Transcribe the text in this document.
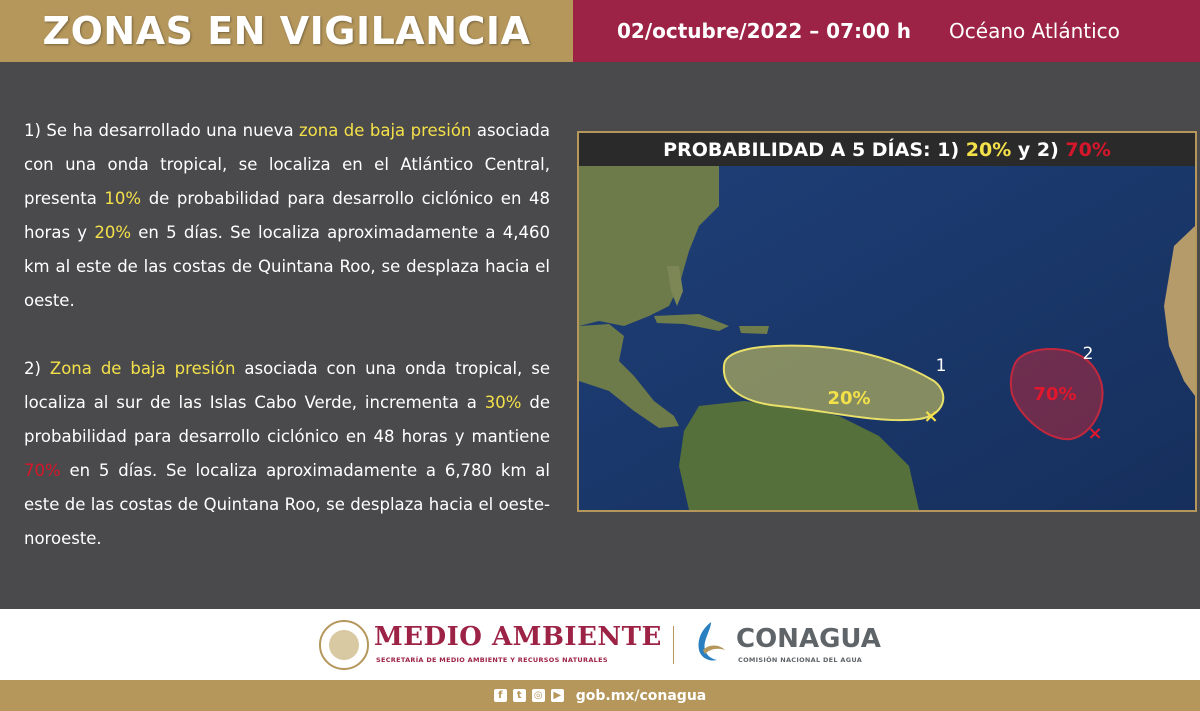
ZONAS EN VIGILANCIA	02/octubre/2022 – 07:00 h Océano Atlántico

1) Se ha desarrollado una nueva zona de baja presión asociada con una onda tropical, se localiza en el Atlántico Central, presenta 10% de probabilidad para desarrollo ciclónico en 48 horas y 20% en 5 días. Se localiza aproximadamente a 4,460 km al este de las costas de Quintana Roo, se desplaza hacia el oeste.

2) Zona de baja presión asociada con una onda tropical, se localiza al sur de las Islas Cabo Verde, incrementa a 30% de probabilidad para desarrollo ciclónico en 48 horas y mantiene 70% en 5 días. Se localiza aproximadamente a 6,780 km al este de las costas de Quintana Roo, se desplaza hacia el oeste-noroeste.

PROBABILIDAD A 5 DÍAS: 1) 20% y 2) 70%
20%
×
1
70%
×
2
MEDIO AMBIENTE
SECRETARÍA DE MEDIO AMBIENTE Y RECURSOS NATURALES
CONAGUA
COMISIÓN NACIONAL DEL AGUA
f	t	◎ ▶ gob.mx/conagua
